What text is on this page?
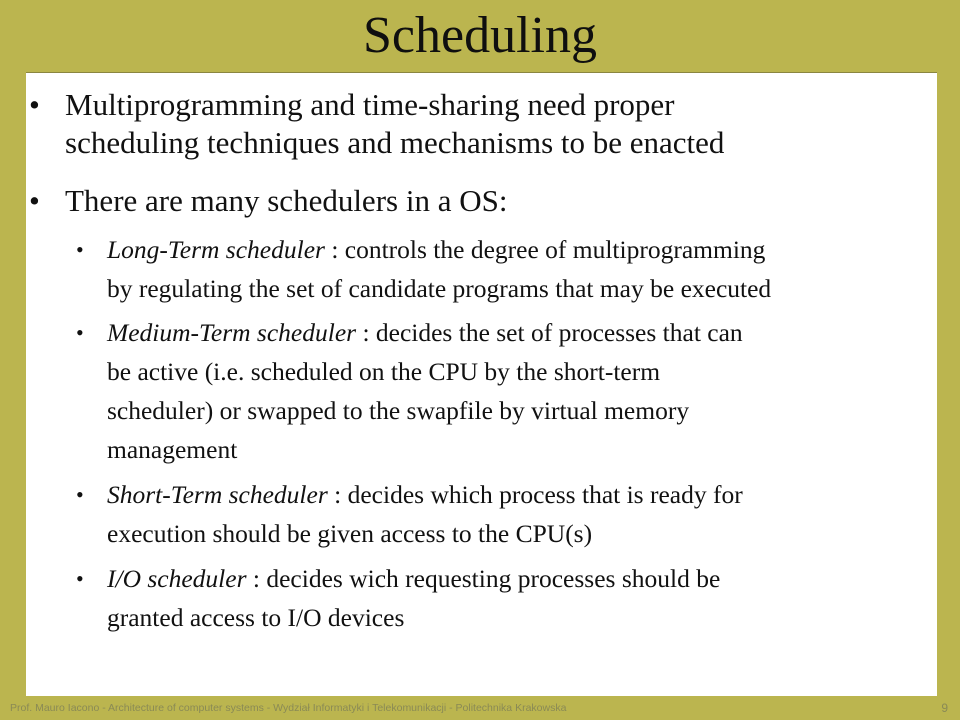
Scheduling
• Multiprogramming and time-sharing need proper
scheduling techniques and mechanisms to be enacted
• There are many schedulers in a OS:
• Long-Term scheduler : controls the degree of multiprogramming
by regulating the set of candidate programs that may be executed
• Medium-Term scheduler : decides the set of processes that can
be active (i.e. scheduled on the CPU by the short-term
scheduler) or swapped to the swapfile by virtual memory
management
• Short-Term scheduler : decides which process that is ready for
execution should be given access to the CPU(s)
• I/O scheduler : decides wich requesting processes should be
granted access to I/O devices
Prof. Mauro Iacono - Architecture of computer systems - Wydział Informatyki i Telekomunikacji - Politechnika Krakowska	9
